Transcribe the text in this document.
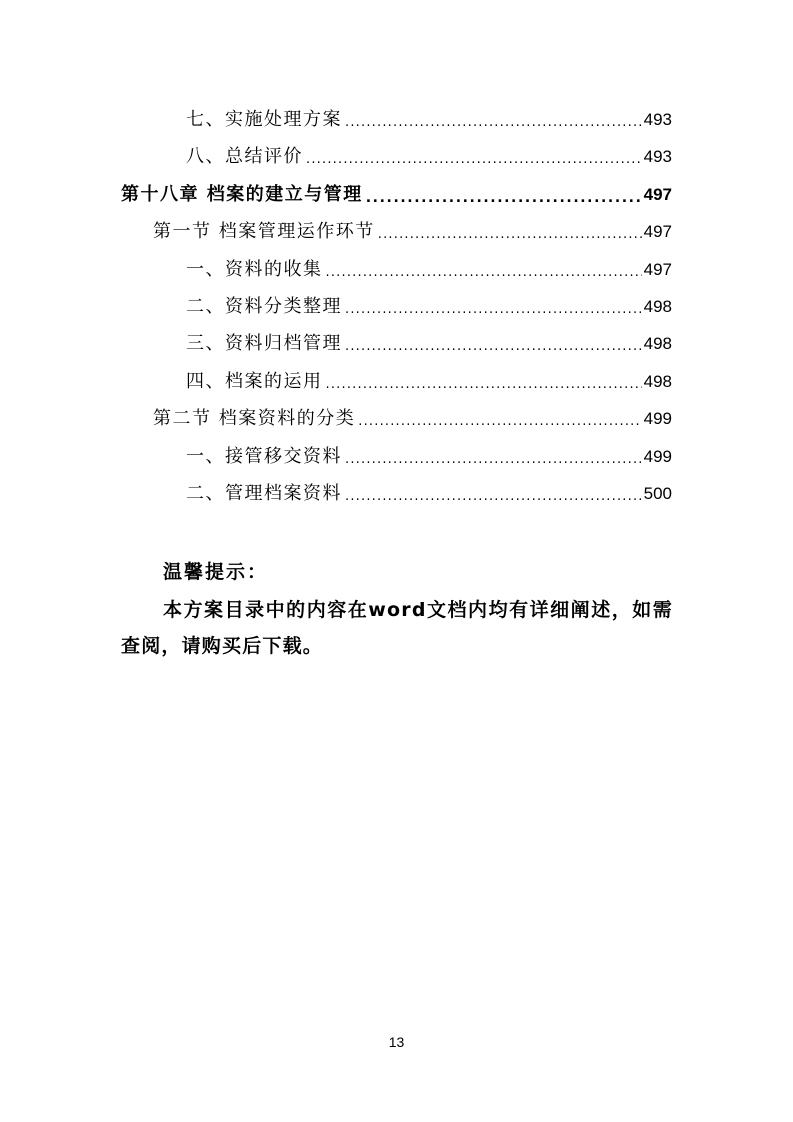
七、实施处理方案 .....	493
八、总结评价 .....	493
第十八章 档案的建立与管理 .....	497
第一节 档案管理运作环节 .....	497
一、资料的收集 .....	497
二、资料分类整理 .....	498
三、资料归档管理 .....	498
四、档案的运用 .....	498
第二节 档案资料的分类 .....	499
一、接管移交资料 .....	499
二、管理档案资料 .....	500
温馨提示：
本方案目录中的内容在word文档内均有详细阐述，如需查阅，请购买后下载。
13
